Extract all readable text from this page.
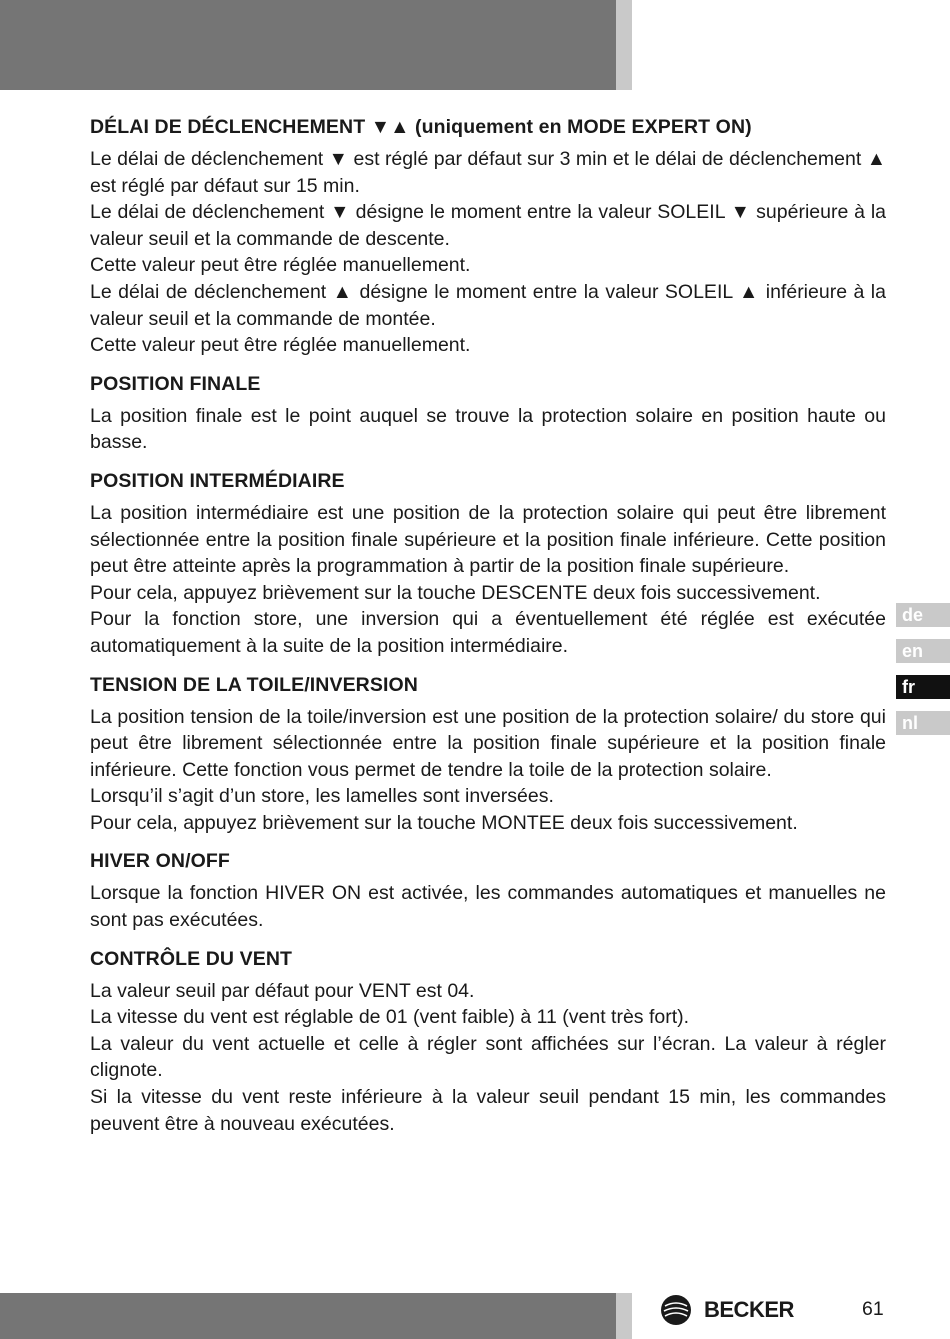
DÉLAI DE DÉCLENCHEMENT ▼▲ (uniquement en MODE EXPERT ON)

Le délai de déclenchement ▼ est réglé par défaut sur 3 min et le délai de déclenchement ▲ est réglé par défaut sur 15 min.

Le délai de déclenchement ▼ désigne le moment entre la valeur SOLEIL ▼ supérieure à la valeur seuil et la commande de descente.

Cette valeur peut être réglée manuellement.

Le délai de déclenchement ▲ désigne le moment entre la valeur SOLEIL ▲ inférieure à la valeur seuil et la commande de montée.

Cette valeur peut être réglée manuellement.

POSITION FINALE

La position finale est le point auquel se trouve la protection solaire en position haute ou basse.

POSITION INTERMÉDIAIRE

La position intermédiaire est une position de la protection solaire qui peut être librement sélectionnée entre la position finale supérieure et la position finale inférieure. Cette position peut être atteinte après la programmation à partir de la position finale supérieure.

Pour cela, appuyez brièvement sur la touche DESCENTE deux fois successivement.

Pour la fonction store, une inversion qui a éventuellement été réglée est exécutée automatiquement à la suite de la position intermédiaire.

TENSION DE LA TOILE/INVERSION

La position tension de la toile/inversion est une position de la protection solaire/ du store qui peut être librement sélectionnée entre la position finale supérieure et la position finale inférieure. Cette fonction vous permet de tendre la toile de la protection solaire.

Lorsqu’il s’agit d’un store, les lamelles sont inversées.

Pour cela, appuyez brièvement sur la touche MONTEE deux fois successivement.

HIVER ON/OFF

Lorsque la fonction HIVER ON est activée, les commandes automatiques et manuelles ne sont pas exécutées.

CONTRÔLE DU VENT

La valeur seuil par défaut pour VENT est 04.

La vitesse du vent est réglable de 01 (vent faible) à 11 (vent très fort).

La valeur du vent actuelle et celle à régler sont affichées sur l’écran. La valeur à régler clignote.

Si la vitesse du vent reste inférieure à la valeur seuil pendant 15 min, les commandes peuvent être à nouveau exécutées.

de
en
fr
nl
BECKER	61
